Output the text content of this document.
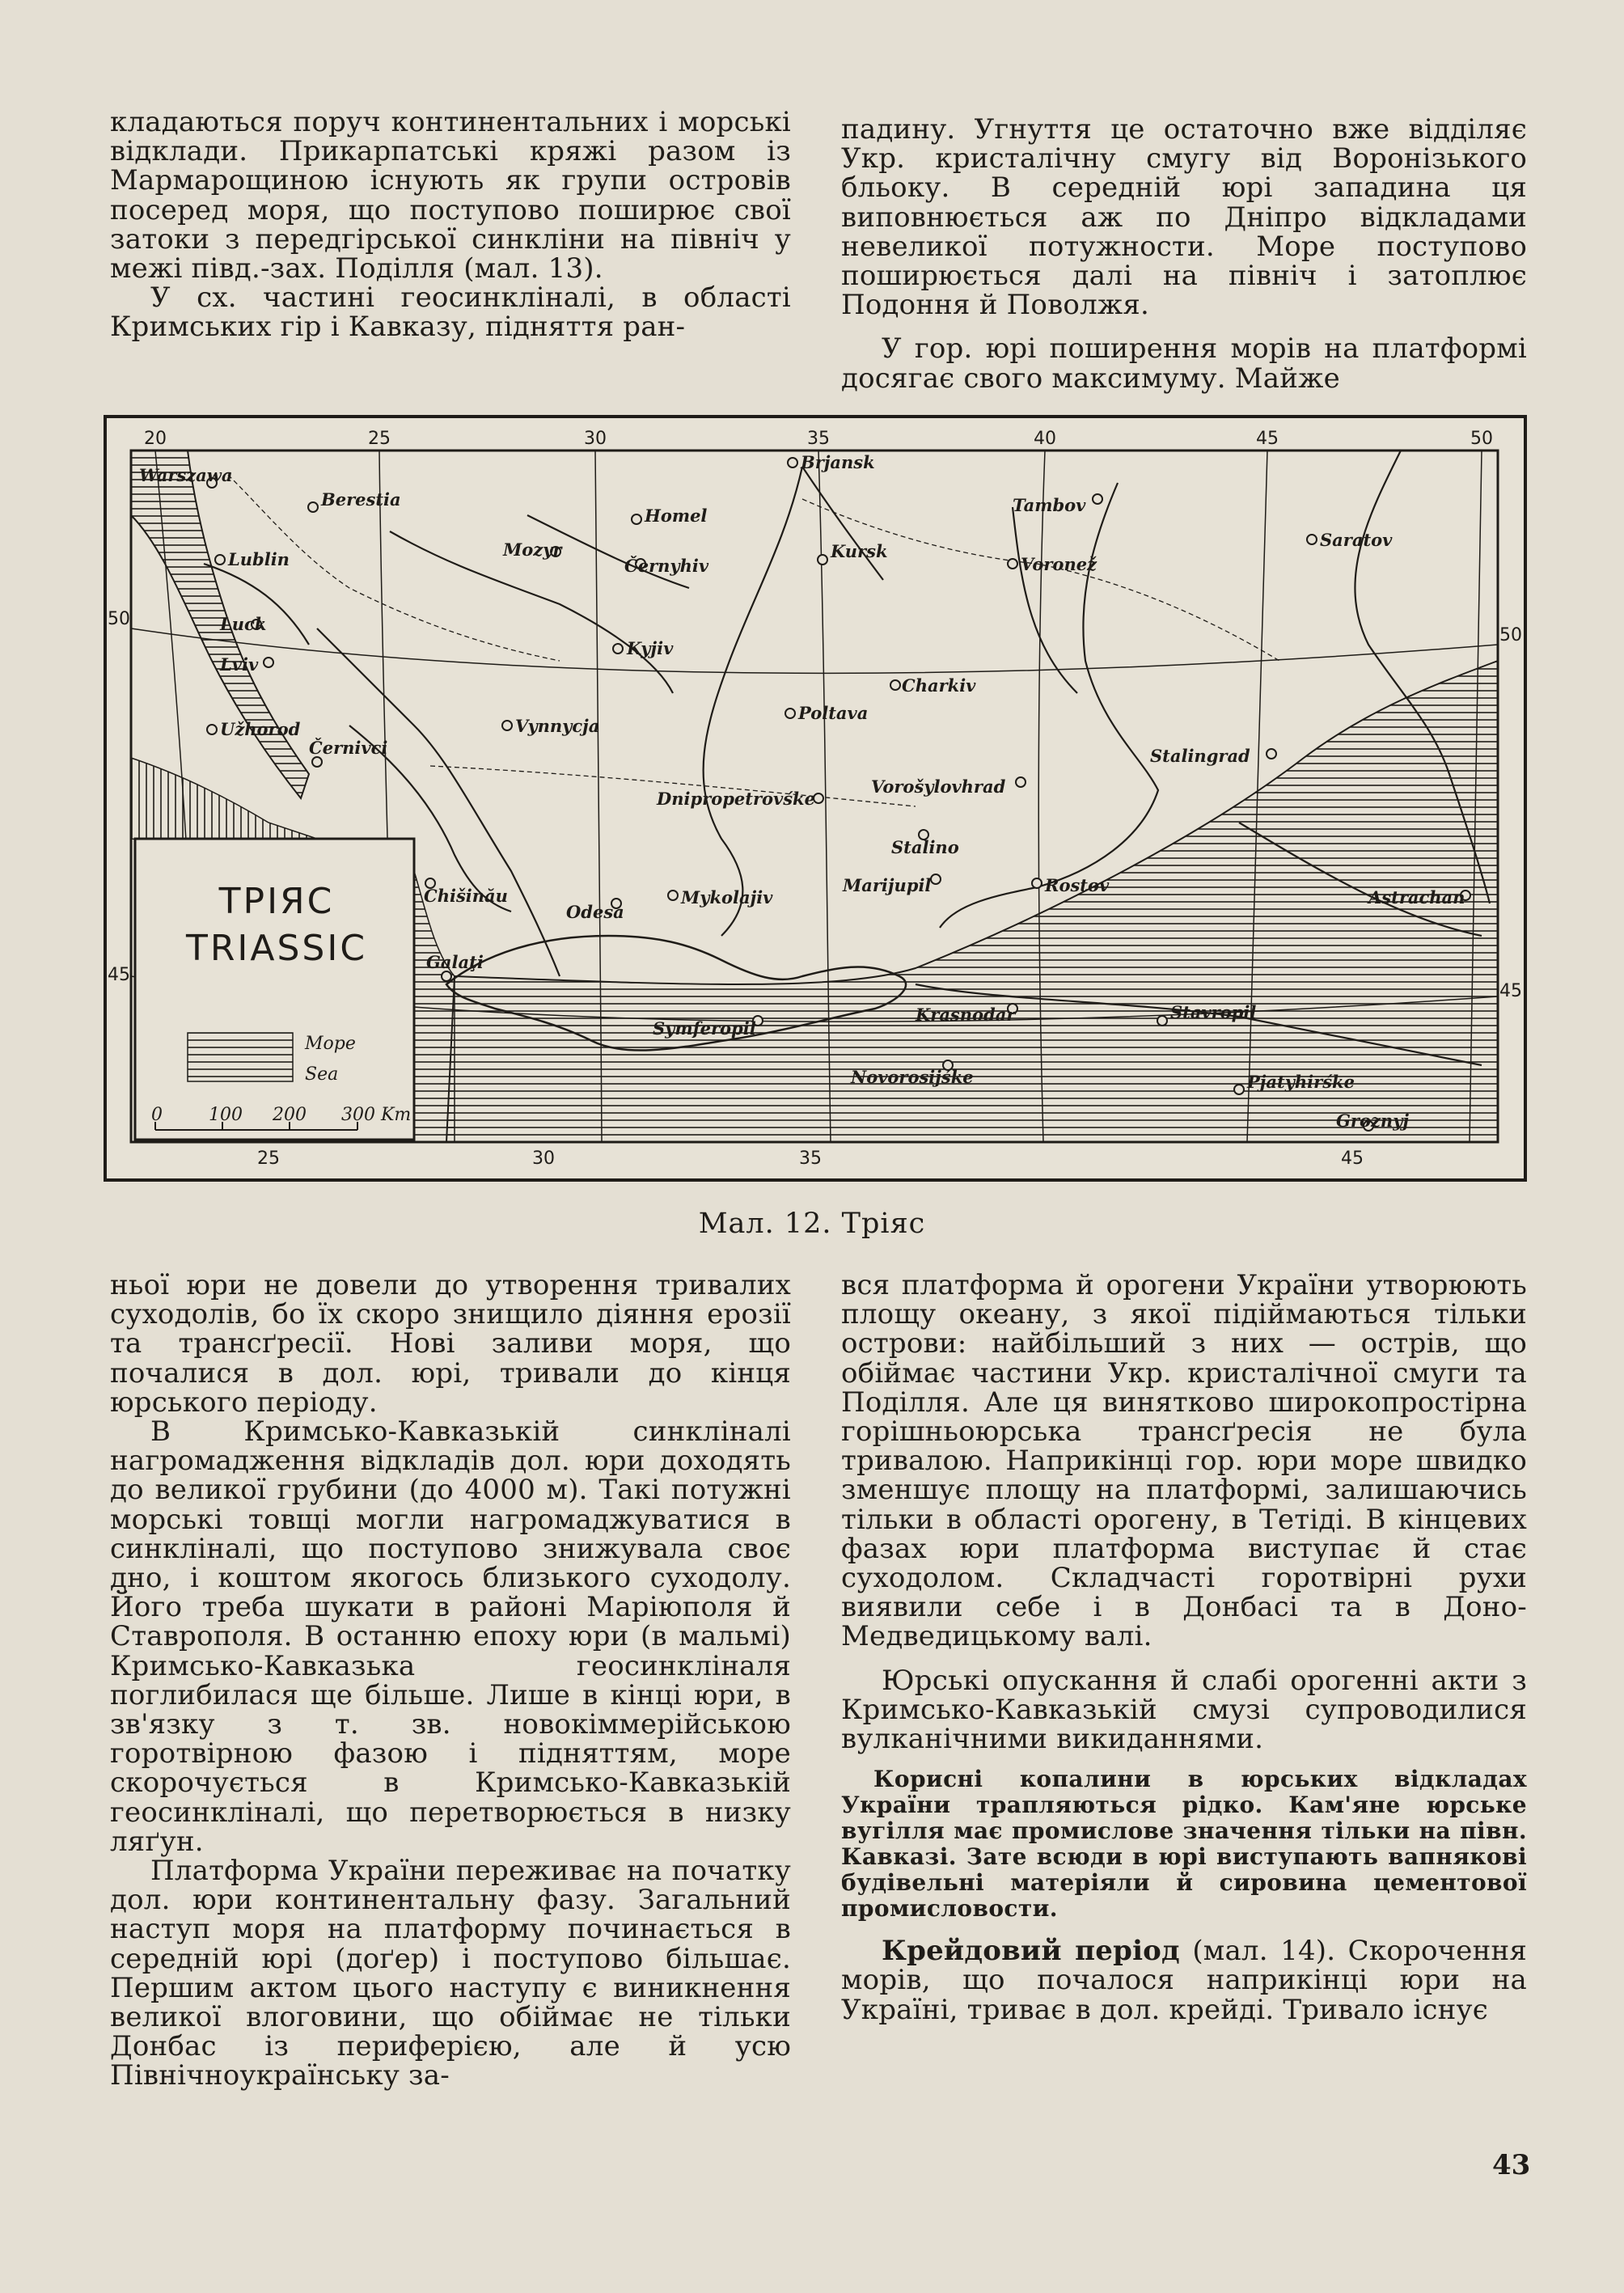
кладаються поруч континентальних і морські відклади. Прикарпатські кряжі разом із Мармарощиною існують як групи островів посеред моря, що поступово поширює свої затоки з передгірської синкліни на північ у межі півд.-зах. Поділля (мал. 13).

У сх. частині геосинкліналі, в області Кримських гір і Кавказу, підняття ран-

падину. Угнуття це остаточно вже відділяє Укр. кристалічну смугу від Воронізького бльоку. В середній юрі западина ця виповнюється аж по Дніпро відкладами невеликої потужности. Море поступово поширюється далі на північ і затоплює Подоння й Поволжя.

У гор. юрі поширення морів на платформі досягає свого максимуму. Майже

ТРІЯС
TRIASSIC
Море
Sea
0	100 200 300 Km
20	25	30	35	40	45	50
25	30	35	45
50
50
45
45
Warszawa
Berestia
Lublin
Luck
Lviv
Užhorod
Černivci
Homel
Mozyr
Černyhiv
Kyjiv
Vynnycja
Brjansk
Kursk
Tambov
Voronež
Saratov
Charkiv
Poltava
Stalingrad
Dnipropetrovśke
Vorošylovhrad
Stalino
Marijupil	Rostov
Chišinău
Odesa
Mykolajiv
Galaţi
Astrachan
Symferopil
Krasnodar	Stavropil
Novorosijśke	Pjatyhirśke
Groznyj
Мал. 12. Тріяс

ньої юри не довели до утворення тривалих суходолів, бо їх скоро знищило діяння ерозії та трансґресії. Нові заливи моря, що почалися в дол. юрі, тривали до кінця юрського періоду.

В Кримсько-Кавказькій синкліналі нагромадження відкладів дол. юри доходять до великої грубини (до 4000 м). Такі потужні морські товщі могли нагромаджуватися в синкліналі, що поступово знижувала своє дно, і коштом якогось близького суходолу. Його треба шукати в районі Маріюполя й Ставрополя. В останню епоху юри (в мальмі) Кримсько-Кавказька геосинкліналя поглибилася ще більше. Лише в кінці юри, в зв'язку з т. зв. новокіммерійською горотвірною фазою і підняттям, море скорочується в Кримсько-Кавказькій геосинкліналі, що перетворюється в низку ляґун.

Платформа України переживає на початку дол. юри континентальну фазу. Загальний наступ моря на платформу починається в середній юрі (доґер) і поступово більшає. Першим актом цього наступу є виникнення великої влоговини, що обіймає не тільки Донбас із периферією, але й усю Північноукраїнську за-

вся платформа й орогени України утворюють площу океану, з якої підіймаються тільки острови: найбільший з них — острів, що обіймає частини Укр. кристалічної смуги та Поділля. Але ця винятково широкопростірна горішньоюрська трансґресія не була тривалою. Наприкінці гор. юри море швидко зменшує площу на платформі, залишаючись тільки в області орогену, в Тетіді. В кінцевих фазах юри платформа виступає й стає суходолом. Складчасті горотвірні рухи виявили себе і в Донбасі та в Доно-Медведицькому валі.

Юрські опускання й слабі орогенні акти з Кримсько-Кавказькій смузі супроводилися вулканічними викиданнями.

Корисні копалини в юрських відкладах України трапляються рідко. Кам'яне юрське вугілля має промислове значення тільки на півн. Кавказі. Зате всюди в юрі виступають вапнякові будівельні матеріяли й сировина цементової промисловости.

Крейдовий період (мал. 14). Скорочення морів, що почалося наприкінці юри на Україні, триває в дол. крейді. Тривало існує

43
